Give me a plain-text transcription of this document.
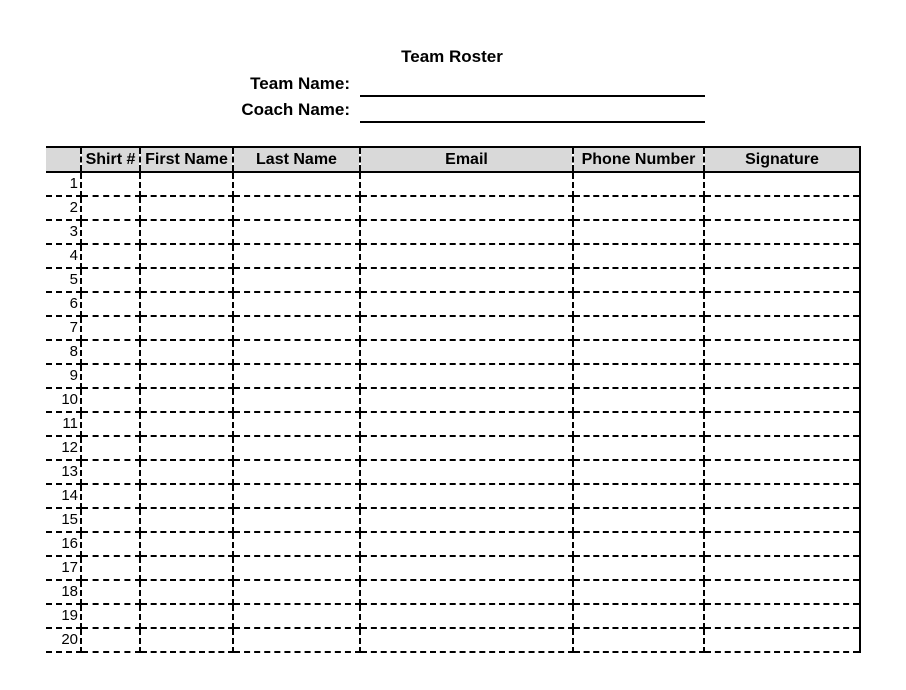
Team Roster
Team Name:
Coach Name:
	Shirt #	First Name	Last Name	Email	Phone Number	Signature
1						
2						
3						
4						
5						
6						
7						
8						
9						
10						
11						
12						
13						
14						
15						
16						
17						
18						
19						
20						
